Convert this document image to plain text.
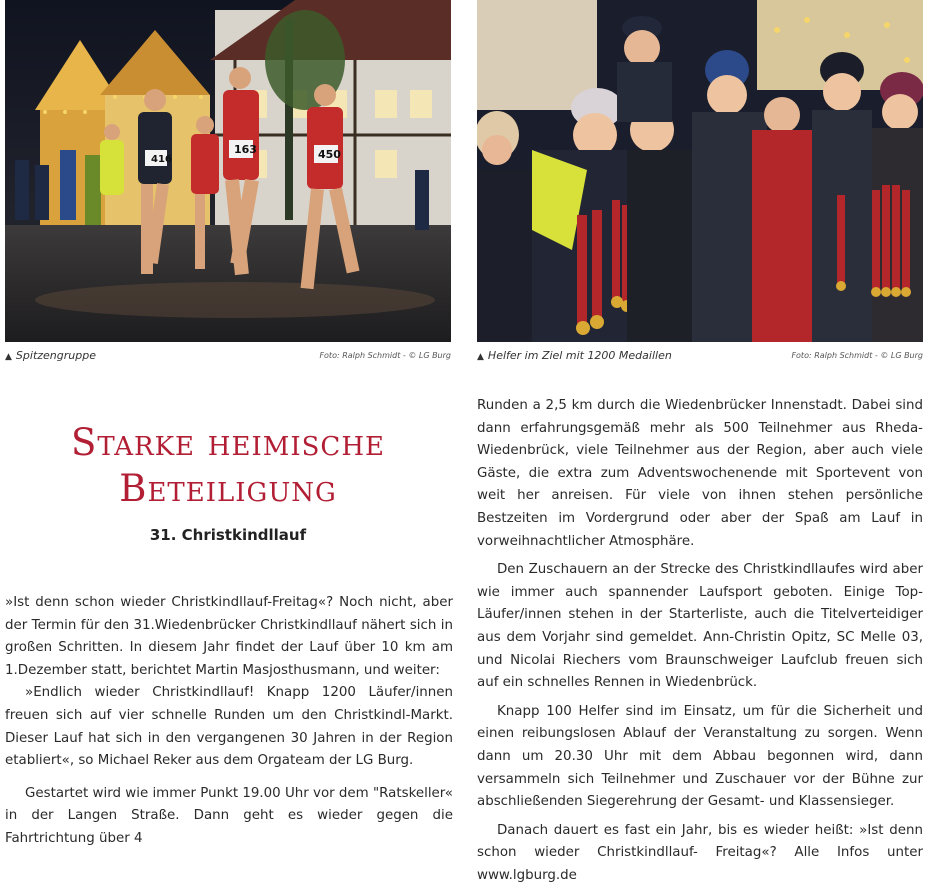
416
163	450
▲ Spitzengruppe	Foto: Ralph Schmidt - © LG Burg	▲ Helfer im Ziel mit 1200 Medaillen	Foto: Ralph Schmidt - © LG Burg
Starke heimische
Beteiligung
31. Christkindllauf

»Ist denn schon wieder Christkindllauf-Freitag«? Noch nicht, aber der Termin für den 31.Wiedenbrücker Christkindllauf nähert sich in großen Schritten. In diesem Jahr findet der Lauf über 10 km am 1.Dezember statt, berichtet Martin Masjosthusmann, und weiter:

»Endlich wieder Christkindllauf! Knapp 1200 Läufer/innen freuen sich auf vier schnelle Runden um den Christkindl-Markt. Dieser Lauf hat sich in den vergangenen 30 Jahren in der Region etabliert«, so Michael Reker aus dem Orgateam der LG Burg.

Gestartet wird wie immer Punkt 19.00 Uhr vor dem "Ratskeller« in der Langen Straße. Dann geht es wieder gegen die Fahrtrichtung über 4

Runden a 2,5 km durch die Wiedenbrücker Innenstadt. Dabei sind dann erfahrungsgemäß mehr als 500 Teilnehmer aus Rheda-Wiedenbrück, viele Teilnehmer aus der Region, aber auch viele Gäste, die extra zum Adventswochenende mit Sportevent von weit her anreisen. Für viele von ihnen stehen persönliche Bestzeiten im Vordergrund oder aber der Spaß am Lauf in vorweihnachtlicher Atmosphäre.

Den Zuschauern an der Strecke des Christkindllaufes wird aber wie immer auch spannender Laufsport geboten. Einige Top-Läufer/innen stehen in der Starterliste, auch die Titelverteidiger aus dem Vorjahr sind gemeldet. Ann-Christin Opitz, SC Melle 03, und Nicolai Riechers vom Braunschweiger Laufclub freuen sich auf ein schnelles Rennen in Wiedenbrück.

Knapp 100 Helfer sind im Einsatz, um für die Sicherheit und einen reibungslosen Ablauf der Veranstaltung zu sorgen. Wenn dann um 20.30 Uhr mit dem Abbau begonnen wird, dann versammeln sich Teilnehmer und Zuschauer vor der Bühne zur abschließenden Siegerehrung der Gesamt- und Klassensieger.

Danach dauert es fast ein Jahr, bis es wieder heißt: »Ist denn schon wieder Christkindllauf- Freitag«? Alle Infos unter www.lgburg.de
